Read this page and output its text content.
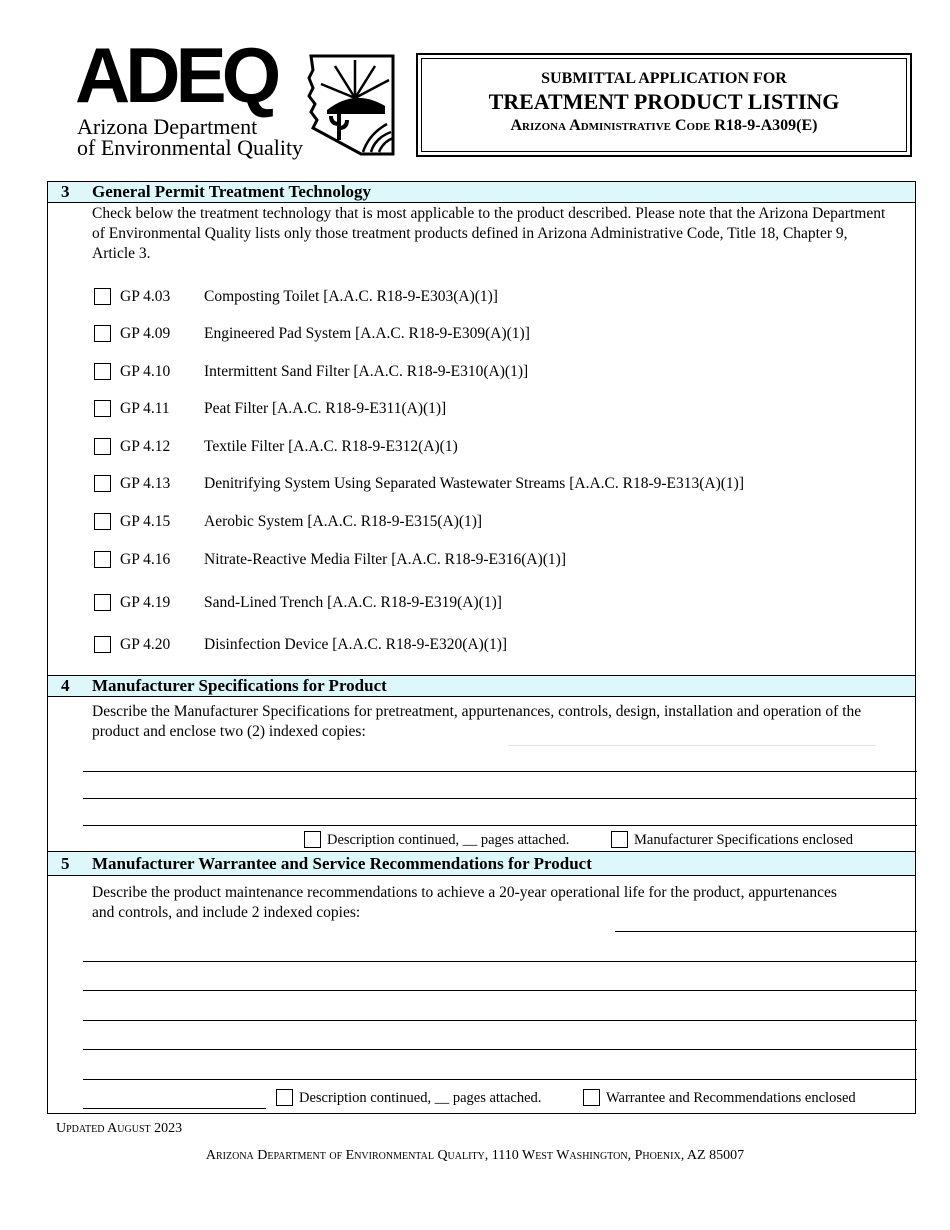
ADEQ
Arizona Department
of Environmental Quality
SUBMITTAL APPLICATION FOR
TREATMENT PRODUCT LISTING
Arizona Administrative Code R18-9-A309(E)
3 General Permit Treatment Technology
Check below the treatment technology that is most applicable to the product described. Please note that the Arizona Department of Environmental Quality lists only those treatment products defined in Arizona Administrative Code, Title 18, Chapter 9, Article 3.
GP 4.03 Composting Toilet [A.A.C. R18-9-E303(A)(1)]
GP 4.09 Engineered Pad System [A.A.C. R18-9-E309(A)(1)]
GP 4.10 Intermittent Sand Filter [A.A.C. R18-9-E310(A)(1)]
GP 4.11 Peat Filter [A.A.C. R18-9-E311(A)(1)]
GP 4.12 Textile Filter [A.A.C. R18-9-E312(A)(1)
GP 4.13 Denitrifying System Using Separated Wastewater Streams [A.A.C. R18-9-E313(A)(1)]
GP 4.15 Aerobic System [A.A.C. R18-9-E315(A)(1)]
GP 4.16 Nitrate-Reactive Media Filter [A.A.C. R18-9-E316(A)(1)]
GP 4.19 Sand-Lined Trench [A.A.C. R18-9-E319(A)(1)]
GP 4.20 Disinfection Device [A.A.C. R18-9-E320(A)(1)]
4 Manufacturer Specifications for Product
Describe the Manufacturer Specifications for pretreatment, appurtenances, controls, design, installation and operation of the product and enclose two (2) indexed copies:
Description continued, __ pages attached.	Manufacturer Specifications enclosed
5 Manufacturer Warrantee and Service Recommendations for Product
Describe the product maintenance recommendations to achieve a 20-year operational life for the product, appurtenances and controls, and include 2 indexed copies:
Description continued, __ pages attached.	Warrantee and Recommendations enclosed
Updated August 2023
Arizona Department of Environmental Quality, 1110 West Washington, Phoenix, AZ 85007
